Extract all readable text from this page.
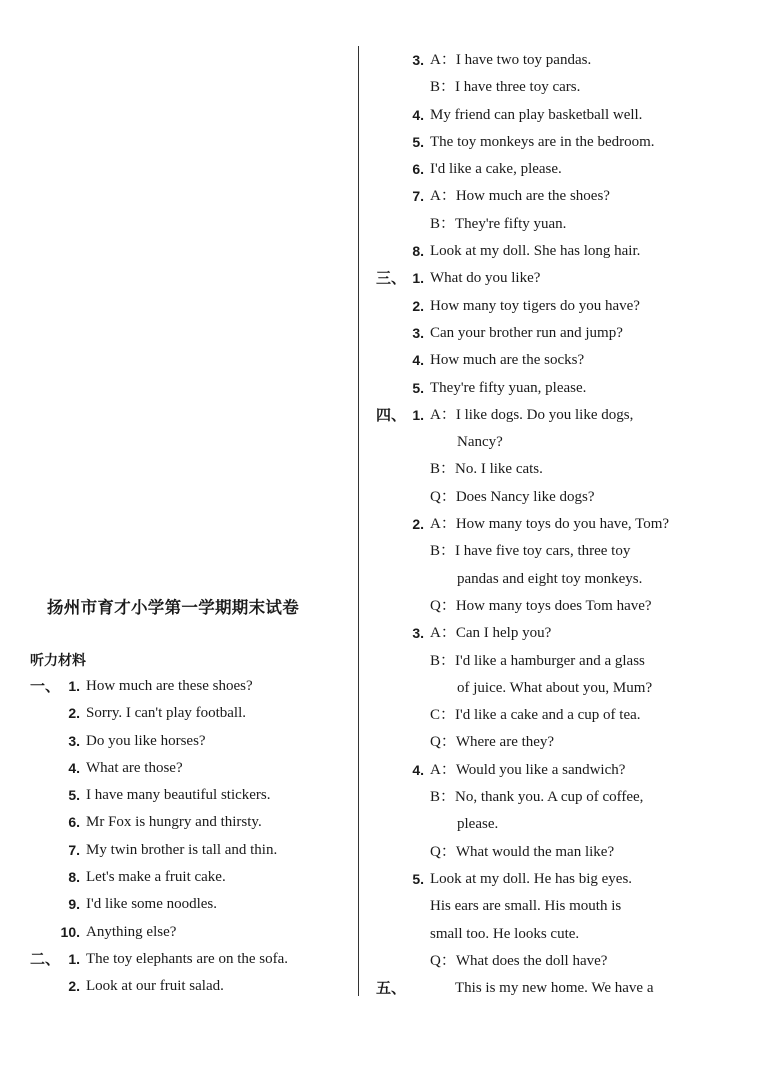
扬州市育才小学第一学期期末试卷
听力材料
一、 1. How much are these shoes?
2. Sorry. I can't play football.
3. Do you like horses?
4. What are those?
5. I have many beautiful stickers.
6. Mr Fox is hungry and thirsty.
7. My twin brother is tall and thin.
8. Let's make a fruit cake.
9. I'd like some noodles.
10. Anything else?
二、 1. The toy elephants are on the sofa.
2. Look at our fruit salad.
3. A：I have two toy pandas.
B：I have three toy cars.
4. My friend can play basketball well.
5. The toy monkeys are in the bedroom.
6. I'd like a cake, please.
7. A：How much are the shoes?
B：They're fifty yuan.
8. Look at my doll. She has long hair.
三、 1. What do you like?
2. How many toy tigers do you have?
3. Can your brother run and jump?
4. How much are the socks?
5. They're fifty yuan, please.
四、 1. A：I like dogs. Do you like dogs,
Nancy?
B：No. I like cats.
Q：Does Nancy like dogs?
2. A：How many toys do you have, Tom?
B：I have five toy cars, three toy
pandas and eight toy monkeys.
Q：How many toys does Tom have?
3. A：Can I help you?
B：I'd like a hamburger and a glass
of juice. What about you, Mum?
C：I'd like a cake and a cup of tea.
Q：Where are they?
4. A：Would you like a sandwich?
B：No, thank you. A cup of coffee,
please.
Q：What would the man like?
5. Look at my doll. He has big eyes.
His ears are small. His mouth is
small too. He looks cute.
Q：What does the doll have?
五、	This is my new home. We have a
